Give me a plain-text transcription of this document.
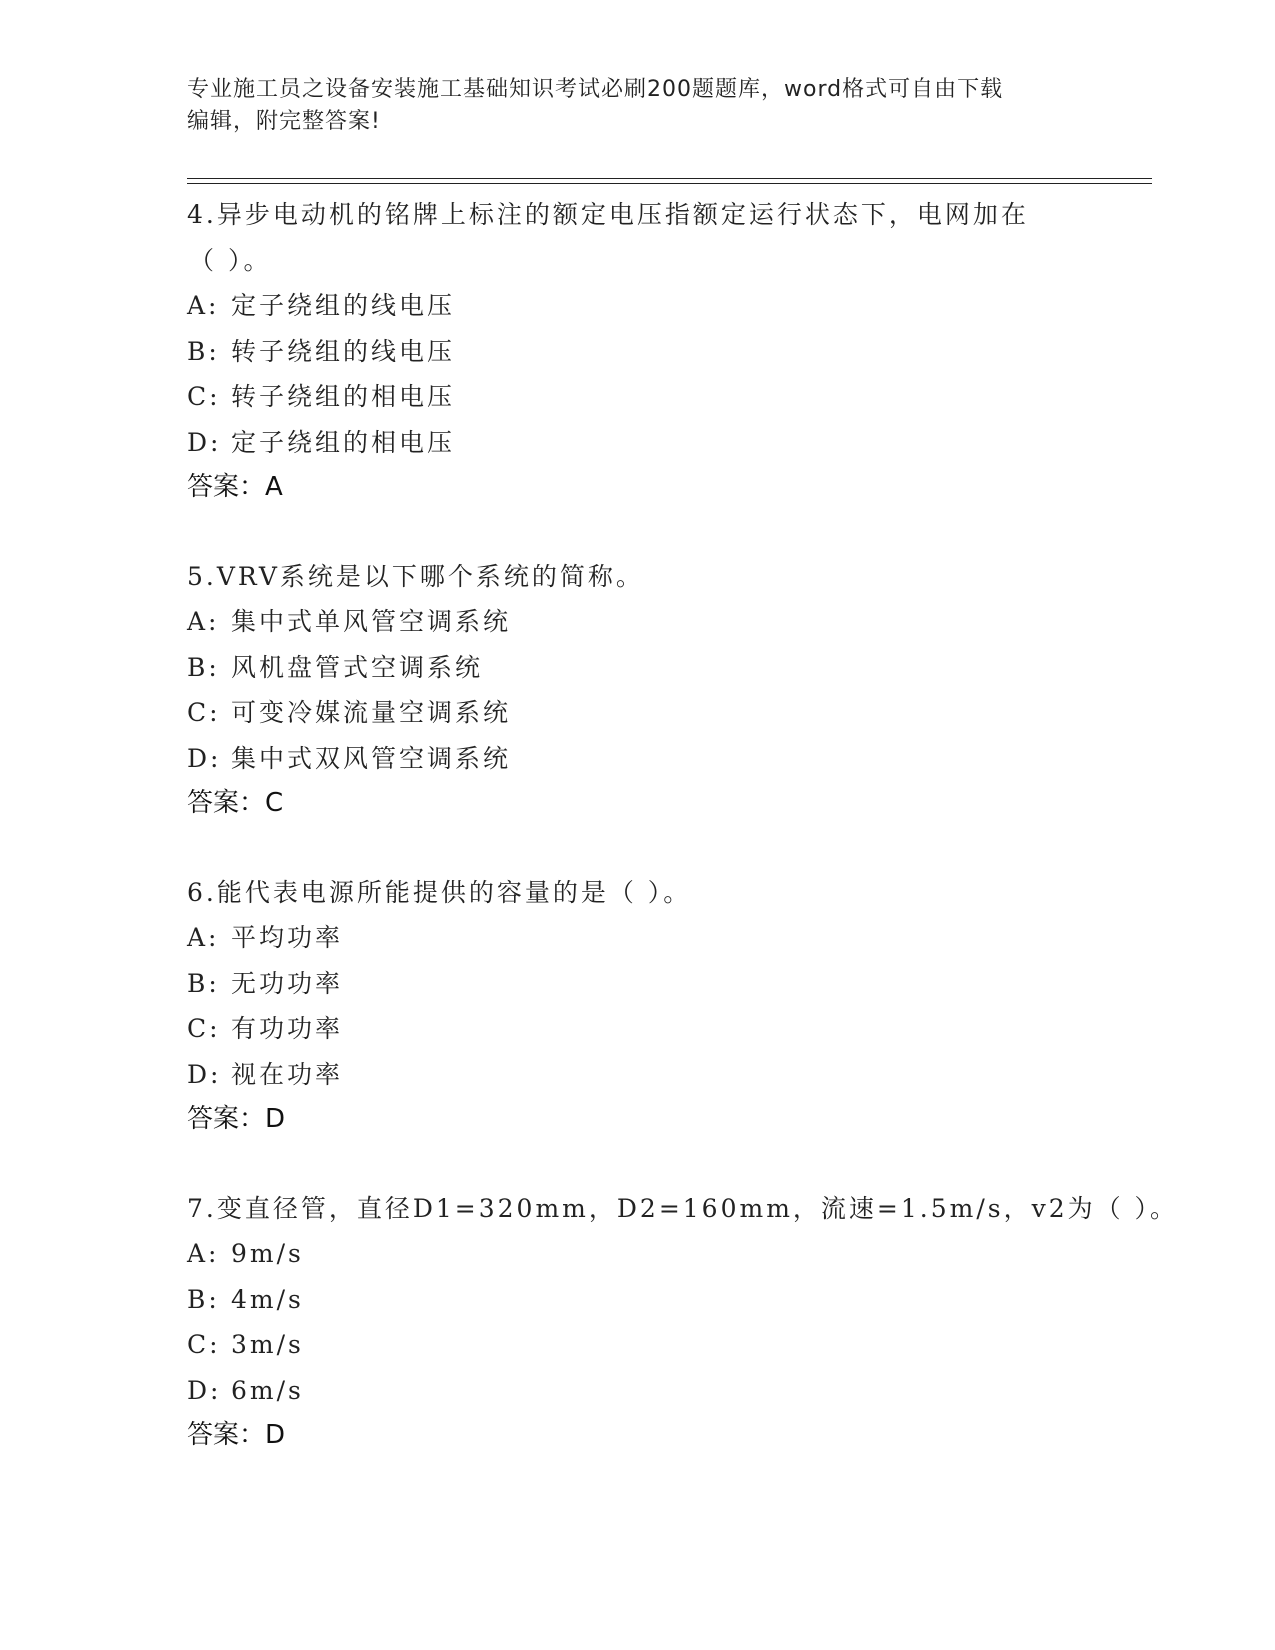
专业施工员之设备安装施工基础知识考试必刷200题题库，word格式可自由下载
编辑，附完整答案!
4.异步电动机的铭牌上标注的额定电压指额定运行状态下，电网加在
（ ）。
A: 定子绕组的线电压
B: 转子绕组的线电压
C: 转子绕组的相电压
D: 定子绕组的相电压
答案：A
5.VRV系统是以下哪个系统的简称。
A: 集中式单风管空调系统
B: 风机盘管式空调系统
C: 可变冷媒流量空调系统
D: 集中式双风管空调系统
答案：C
6.能代表电源所能提供的容量的是（ ）。
A: 平均功率
B: 无功功率
C: 有功功率
D: 视在功率
答案：D
7.变直径管，直径D1=320mm，D2=160mm，流速=1.5m/s，v2为（ ）。
A: 9m/s
B: 4m/s
C: 3m/s
D: 6m/s
答案：D
